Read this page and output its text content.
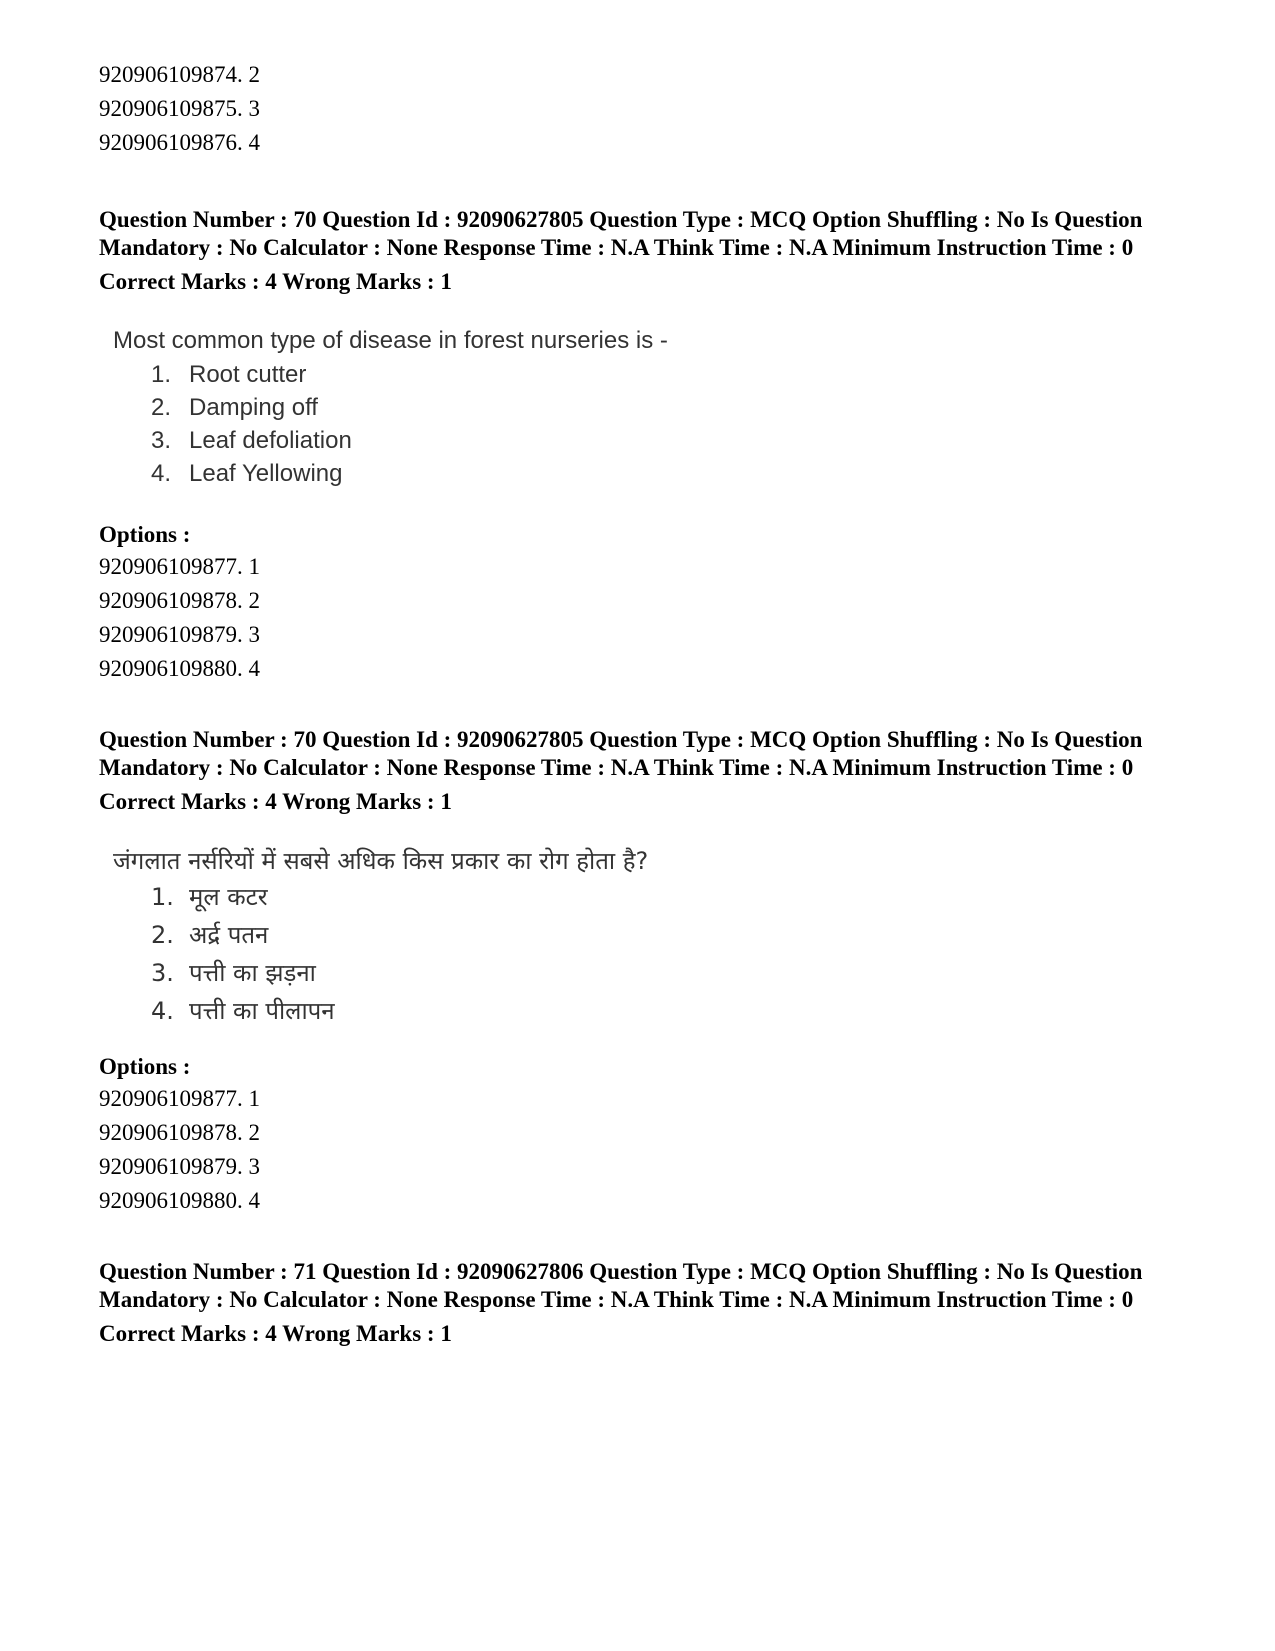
920906109874. 2
920906109875. 3
920906109876. 4
Question Number : 70 Question Id : 92090627805 Question Type : MCQ Option Shuffling : No Is Question Mandatory : No Calculator : None Response Time : N.A Think Time : N.A Minimum Instruction Time : 0
Correct Marks : 4 Wrong Marks : 1
Most common type of disease in forest nurseries is -
1. Root cutter
2. Damping off
3. Leaf defoliation
4. Leaf Yellowing
Options :
920906109877. 1
920906109878. 2
920906109879. 3
920906109880. 4
Question Number : 70 Question Id : 92090627805 Question Type : MCQ Option Shuffling : No Is Question Mandatory : No Calculator : None Response Time : N.A Think Time : N.A Minimum Instruction Time : 0
Correct Marks : 4 Wrong Marks : 1
जंगलात नर्सरियों में सबसे अधिक किस प्रकार का रोग होता है?
1. मूल कटर
2. अर्द्र पतन
3. पत्ती का झड़ना
4. पत्ती का पीलापन
Options :
920906109877. 1
920906109878. 2
920906109879. 3
920906109880. 4
Question Number : 71 Question Id : 92090627806 Question Type : MCQ Option Shuffling : No Is Question Mandatory : No Calculator : None Response Time : N.A Think Time : N.A Minimum Instruction Time : 0
Correct Marks : 4 Wrong Marks : 1
